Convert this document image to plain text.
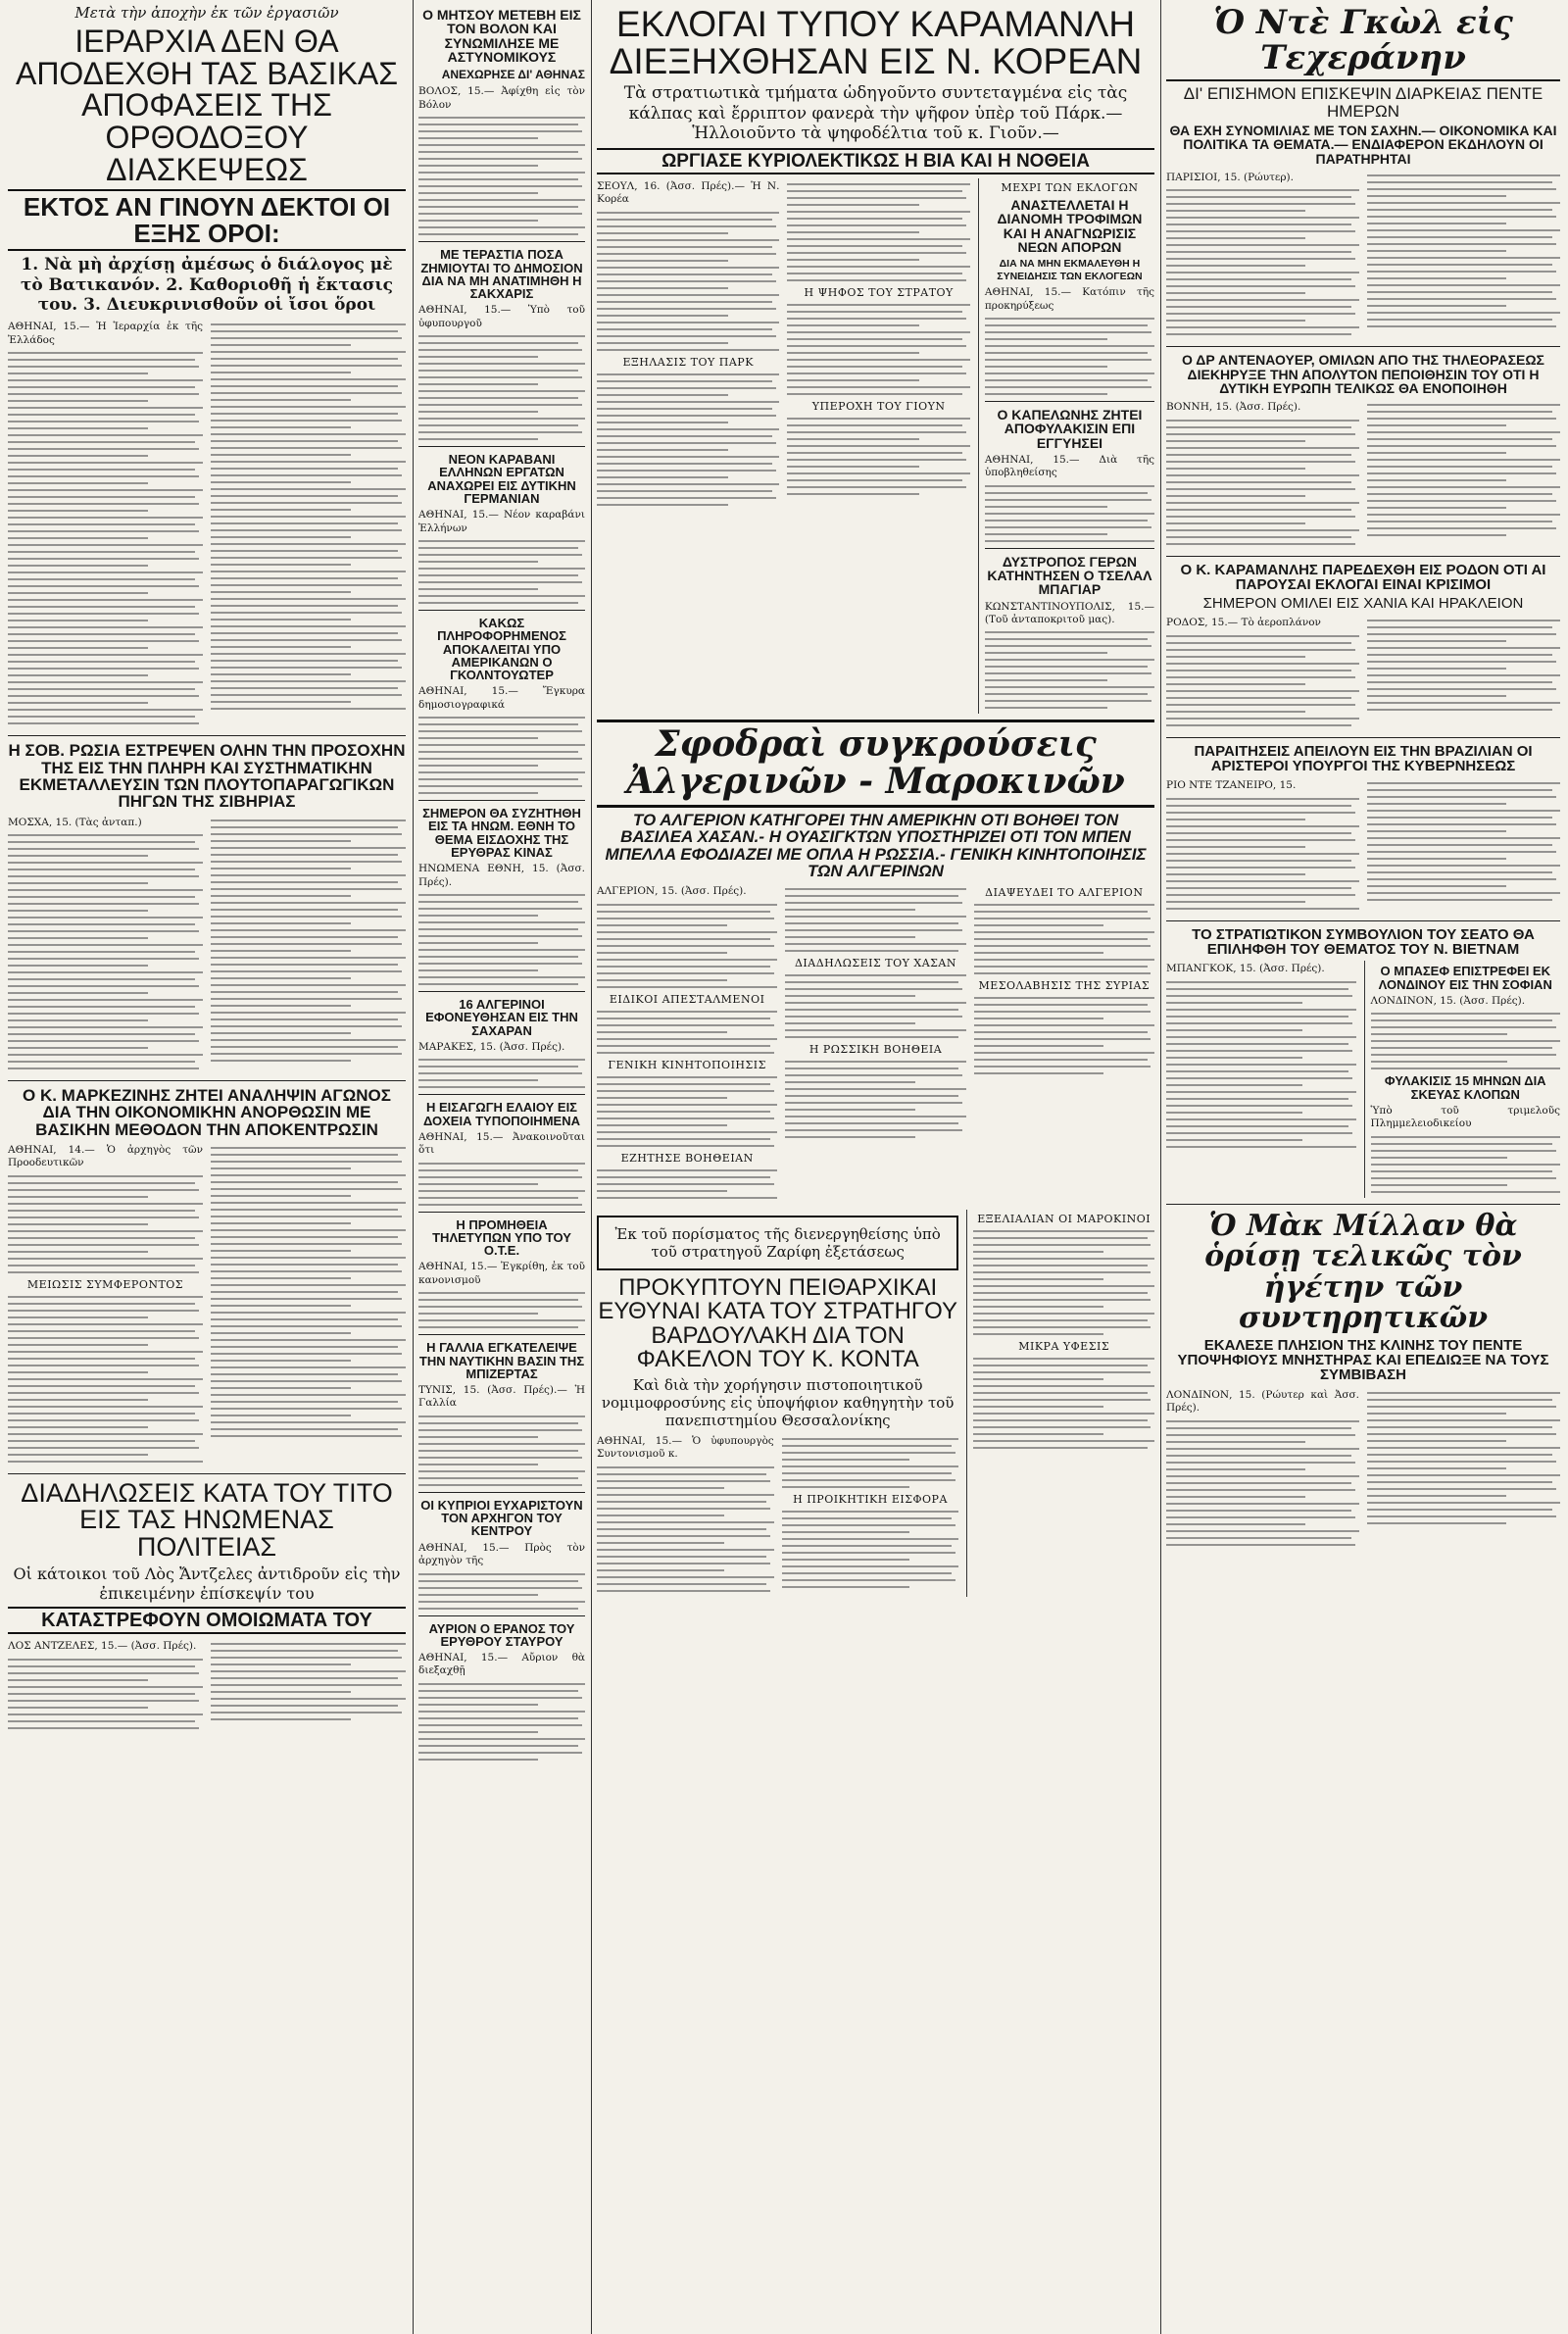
Μετὰ τὴν ἀποχὴν ἐκ τῶν ἐργασιῶν
ΙΕΡΑΡΧΙΑ ΔΕΝ ΘΑ ΑΠΟΔΕΧΘΗ ΤΑΣ ΒΑΣΙΚΑΣ ΑΠΟΦΑΣΕΙΣ ΤΗΣ ΟΡΘΟΔΟΞΟΥ ΔΙΑΣΚΕΨΕΩΣ
ΕΚΤΟΣ ΑΝ ΓΙΝΟΥΝ ΔΕΚΤΟΙ ΟΙ ΕΞΗΣ ΟΡΟΙ:
1. Νὰ μὴ ἀρχίσῃ ἀμέσως ὁ διάλογος μὲ τὸ Βατικανόν. 2. Καθοριοθῆ ἡ ἔκτασις του. 3. Διευκρινισθοῦν οἱ ἴσοι ὅροι

ΑΘΗΝΑΙ, 15.— Ἡ Ἱεραρχία ἐκ τῆς Ἐλλάδος

Η ΣΟΒ. ΡΩΣΙΑ ΕΣΤΡΕΨΕΝ ΟΛΗΝ ΤΗΝ ΠΡΟΣΟΧΗΝ ΤΗΣ ΕΙΣ ΤΗΝ ΠΛΗΡΗ ΚΑΙ ΣΥΣΤΗΜΑΤΙΚΗΝ ΕΚΜΕΤΑΛΛΕΥΣΙΝ ΤΩΝ ΠΛΟΥΤΟΠΑΡΑΓΩΓΙΚΩΝ ΠΗΓΩΝ ΤΗΣ ΣΙΒΗΡΙΑΣ

ΜΟΣΧΑ, 15. (Τὰς ἀνταπ.)

Ο Κ. ΜΑΡΚΕΖΙΝΗΣ ΖΗΤΕΙ ΑΝΑΛΗΨΙΝ ΑΓΩΝΟΣ ΔΙΑ ΤΗΝ ΟΙΚΟΝΟΜΙΚΗΝ ΑΝΟΡΘΩΣΙΝ ΜΕ ΒΑΣΙΚΗΝ ΜΕΘΟΔΟΝ ΤΗΝ ΑΠΟΚΕΝΤΡΩΣΙΝ

ΑΘΗΝΑΙ, 14.— Ὁ ἀρχηγὸς τῶν Προοδευτικῶν

ΜΕΙΩΣΙΣ ΣΥΜΦΕΡΟΝΤΟΣ
ΔΙΑΔΗΛΩΣΕΙΣ ΚΑΤΑ ΤΟΥ ΤΙΤΟ ΕΙΣ ΤΑΣ ΗΝΩΜΕΝΑΣ ΠΟΛΙΤΕΙΑΣ
Οἱ κάτοικοι τοῦ Λὸς Ἄντζελες ἀντιδροῦν εἰς τὴν ἐπικειμένην ἐπίσκεψίν του
ΚΑΤΑΣΤΡΕΦΟΥΝ ΟΜΟΙΩΜΑΤΑ ΤΟΥ

ΛΟΣ ΑΝΤΖΕΛΕΣ, 15.— (Ἀσσ. Πρές).

Ο ΜΗΤΣΟΥ ΜΕΤΕΒΗ ΕΙΣ ΤΟΝ ΒΟΛΟΝ ΚΑΙ ΣΥΝΩΜΙΛΗΣΕ ΜΕ ΑΣΤΥΝΟΜΙΚΟΥΣ
ΑΝΕΧΩΡΗΣΕ ΔΙ' ΑΘΗΝΑΣ

ΒΟΛΟΣ, 15.— Ἀφίχθη εἰς τὸν Βόλον

ΜΕ ΤΕΡΑΣΤΙΑ ΠΟΣΑ ΖΗΜΙΟΥΤΑΙ ΤΟ ΔΗΜΟΣΙΟΝ ΔΙΑ ΝΑ ΜΗ ΑΝΑΤΙΜΗΘΗ Η ΣΑΚΧΑΡΙΣ

ΑΘΗΝΑΙ, 15.— Ὑπὸ τοῦ ὑφυπουργοῦ

ΝΕΟΝ ΚΑΡΑΒΑΝΙ ΕΛΛΗΝΩΝ ΕΡΓΑΤΩΝ ΑΝΑΧΩΡΕΙ ΕΙΣ ΔΥΤΙΚΗΝ ΓΕΡΜΑΝΙΑΝ

ΑΘΗΝΑΙ, 15.— Νέον καραβάνι Ἑλλήνων

ΚΑΚΩΣ ΠΛΗΡΟΦΟΡΗΜΕΝΟΣ ΑΠΟΚΑΛΕΙΤΑΙ ΥΠΟ ΑΜΕΡΙΚΑΝΩΝ Ο ΓΚΟΛΝΤΟΥΩΤΕΡ

ΑΘΗΝΑΙ, 15.— Ἔγκυρα δημοσιογραφικά

ΣΗΜΕΡΟΝ ΘΑ ΣΥΖΗΤΗΘΗ ΕΙΣ ΤΑ ΗΝΩΜ. ΕΘΝΗ ΤΟ ΘΕΜΑ ΕΙΣΔΟΧΗΣ ΤΗΣ ΕΡΥΘΡΑΣ ΚΙΝΑΣ

ΗΝΩΜΕΝΑ ΕΘΝΗ, 15. (Ἀσσ. Πρές).

16 ΑΛΓΕΡΙΝΟΙ ΕΦΟΝΕΥΘΗΣΑΝ ΕΙΣ ΤΗΝ ΣΑΧΑΡΑΝ

ΜΑΡΑΚΕΣ, 15. (Ἀσσ. Πρές).

Η ΕΙΣΑΓΩΓΗ ΕΛΑΙΟΥ ΕΙΣ ΔΟΧΕΙΑ ΤΥΠΟΠΟΙΗΜΕΝΑ

ΑΘΗΝΑΙ, 15.— Ἀνακοινοῦται ὅτι

Η ΠΡΟΜΗΘΕΙΑ ΤΗΛΕΤΥΠΩΝ ΥΠΟ ΤΟΥ Ο.Τ.Ε.

ΑΘΗΝΑΙ, 15.— Ἐγκρίθη, ἐκ τοῦ κανονισμοῦ

Η ΓΑΛΛΙΑ ΕΓΚΑΤΕΛΕΙΨΕ ΤΗΝ ΝΑΥΤΙΚΗΝ ΒΑΣΙΝ ΤΗΣ ΜΠΙΖΕΡΤΑΣ

ΤΥΝΙΣ, 15. (Ἀσσ. Πρές).— Ἡ Γαλλία

ΟΙ ΚΥΠΡΙΟΙ ΕΥΧΑΡΙΣΤΟΥΝ ΤΟΝ ΑΡΧΗΓΟΝ ΤΟΥ ΚΕΝΤΡΟΥ

ΑΘΗΝΑΙ, 15.— Πρὸς τὸν ἀρχηγὸν τῆς

ΑΥΡΙΟΝ Ο ΕΡΑΝΟΣ ΤΟΥ ΕΡΥΘΡΟΥ ΣΤΑΥΡΟΥ

ΑΘΗΝΑΙ, 15.— Αὔριον θὰ διεξαχθῇ

ΕΚΛΟΓΑΙ ΤΥΠΟΥ ΚΑΡΑΜΑΝΛΗ ΔΙΕΞΗΧΘΗΣΑΝ ΕΙΣ Ν. ΚΟΡΕΑΝ
Τὰ στρατιωτικὰ τμήματα ὡδηγοῦντο συντεταγμένα εἰς τὰς κάλπας καὶ ἔρριπτον φανερὰ τὴν ψῆφον ὑπὲρ τοῦ Πάρκ.— Ἡλλοιοῦντο τὰ ψηφοδέλτια τοῦ κ. Γιοῦν.—
ΩΡΓΙΑΣΕ ΚΥΡΙΟΛΕΚΤΙΚΩΣ Η ΒΙΑ ΚΑΙ Η ΝΟΘΕΙΑ

ΣΕΟΥΛ, 16. (Ἀσσ. Πρές).— Ἡ Ν. Κορέα

ΕΞΗΛΑΣΙΣ ΤΟΥ ΠΑΡΚ
Η ΨΗΦΟΣ ΤΟΥ ΣΤΡΑΤΟΥ
ΥΠΕΡΟΧΗ ΤΟΥ ΓΙΟΥΝ
ΜΕΧΡΙ ΤΩΝ ΕΚΛΟΓΩΝ
ΑΝΑΣΤΕΛΛΕΤΑΙ Η ΔΙΑΝΟΜΗ ΤΡΟΦΙΜΩΝ ΚΑΙ Η ΑΝΑΓΝΩΡΙΣΙΣ ΝΕΩΝ ΑΠΟΡΩΝ
ΔΙΑ ΝΑ ΜΗΝ ΕΚΜΑΛΕΥΘΗ Η ΣΥΝΕΙΔΗΣΙΣ ΤΩΝ ΕΚΛΟΓΕΩΝ

ΑΘΗΝΑΙ, 15.— Κατόπιν τῆς προκηρύξεως

Ο ΚΑΠΕΛΩΝΗΣ ΖΗΤΕΙ ΑΠΟΦΥΛΑΚΙΣΙΝ ΕΠΙ ΕΓΓΥΗΣΕΙ

ΑΘΗΝΑΙ, 15.— Διὰ τῆς ὑποβληθείσης

ΔΥΣΤΡΟΠΟΣ ΓΕΡΩΝ ΚΑΤΗΝΤΗΣΕΝ Ο ΤΣΕΛΑΛ ΜΠΑΓΙΑΡ

ΚΩΝΣΤΑΝΤΙΝΟΥΠΟΛΙΣ, 15.— (Τοῦ ἀνταποκριτοῦ μας).

Σφοδραὶ συγκρούσεις Ἀλγερινῶν - Μαροκινῶν
ΤΟ ΑΛΓΕΡΙΟΝ ΚΑΤΗΓΟΡΕΙ ΤΗΝ ΑΜΕΡΙΚΗΝ ΟΤΙ ΒΟΗΘΕΙ ΤΟΝ ΒΑΣΙΛΕΑ ΧΑΣΑΝ.- Η ΟΥΑΣΙΓΚΤΩΝ ΥΠΟΣΤΗΡΙΖΕΙ ΟΤΙ ΤΟΝ ΜΠΕΝ ΜΠΕΛΛΑ ΕΦΟΔΙΑΖΕΙ ΜΕ ΟΠΛΑ Η ΡΩΣΣΙΑ.- ΓΕΝΙΚΗ ΚΙΝΗΤΟΠΟΙΗΣΙΣ ΤΩΝ ΑΛΓΕΡΙΝΩΝ

ΑΛΓΕΡΙΟΝ, 15. (Ἀσσ. Πρές).

ΕΙΔΙΚΟΙ ΑΠΕΣΤΑΛΜΕΝΟΙ
ΓΕΝΙΚΗ ΚΙΝΗΤΟΠΟΙΗΣΙΣ
ΕΖΗΤΗΣΕ ΒΟΗΘΕΙΑΝ
ΔΙΑΔΗΛΩΣΕΙΣ ΤΟΥ ΧΑΣΑΝ
Η ΡΩΣΣΙΚΗ ΒΟΗΘΕΙΑ
ΔΙΑΨΕΥΔΕΙ ΤΟ ΑΛΓΕΡΙΟΝ
ΜΕΣΟΛΑΒΗΣΙΣ ΤΗΣ ΣΥΡΙΑΣ
Ἐκ τοῦ πορίσματος τῆς διενεργηθείσης ὑπὸ τοῦ στρατηγοῦ Ζαρίφη ἐξετάσεως
ΠΡΟΚΥΠΤΟΥΝ ΠΕΙΘΑΡΧΙΚΑΙ ΕΥΘΥΝΑΙ ΚΑΤΑ ΤΟΥ ΣΤΡΑΤΗΓΟΥ ΒΑΡΔΟΥΛΑΚΗ ΔΙΑ ΤΟΝ ΦΑΚΕΛΟΝ ΤΟΥ Κ. ΚΟΝΤΑ
Καὶ διὰ τὴν χορήγησιν πιστοποιητικοῦ νομιμοφροσύνης εἰς ὑποψήφιον καθηγητὴν τοῦ πανεπιστημίου Θεσσαλονίκης

ΑΘΗΝΑΙ, 15.— Ὁ ὑφυπουργὸς Συντονισμοῦ κ.

Η ΠΡΟΙΚΗΤΙΚΗ ΕΙΣΦΟΡΑ
ΕΞΕΛΙΑΛΙΑΝ ΟΙ ΜΑΡΟΚΙΝΟΙ
ΜΙΚΡΑ ΥΦΕΣΙΣ
Ὁ Ντὲ Γκὼλ εἰς Τεχεράνην
ΔΙ' ΕΠΙΣΗΜΟΝ ΕΠΙΣΚΕΨΙΝ ΔΙΑΡΚΕΙΑΣ ΠΕΝΤΕ ΗΜΕΡΩΝ
ΘΑ ΕΧΗ ΣΥΝΟΜΙΛΙΑΣ ΜΕ ΤΟΝ ΣΑΧΗΝ.— ΟΙΚΟΝΟΜΙΚΑ ΚΑΙ ΠΟΛΙΤΙΚΑ ΤΑ ΘΕΜΑΤΑ.— ΕΝΔΙΑΦΕΡΟΝ ΕΚΔΗΛΟΥΝ ΟΙ ΠΑΡΑΤΗΡΗΤΑΙ

ΠΑΡΙΣΙΟΙ, 15. (Ρώυτερ).

Ο ΔΡ ΑΝΤΕΝΑΟΥΕΡ, ΟΜΙΛΩΝ ΑΠΟ ΤΗΣ ΤΗΛΕΟΡΑΣΕΩΣ ΔΙΕΚΗΡΥΞΕ ΤΗΝ ΑΠΟΛΥΤΟΝ ΠΕΠΟΙΘΗΣΙΝ ΤΟΥ ΟΤΙ Η ΔΥΤΙΚΗ ΕΥΡΩΠΗ ΤΕΛΙΚΩΣ ΘΑ ΕΝΟΠΟΙΗΘΗ

ΒΟΝΝΗ, 15. (Ἀσσ. Πρές).

Ο Κ. ΚΑΡΑΜΑΝΛΗΣ ΠΑΡΕΔΕΧΘΗ ΕΙΣ ΡΟΔΟΝ ΟΤΙ ΑΙ ΠΑΡΟΥΣΑΙ ΕΚΛΟΓΑΙ ΕΙΝΑΙ ΚΡΙΣΙΜΟΙ
ΣΗΜΕΡΟΝ ΟΜΙΛΕΙ ΕΙΣ ΧΑΝΙΑ ΚΑΙ ΗΡΑΚΛΕΙΟΝ

ΡΟΔΟΣ, 15.— Τὸ ἀεροπλάνον

ΠΑΡΑΙΤΗΣΕΙΣ ΑΠΕΙΛΟΥΝ ΕΙΣ ΤΗΝ ΒΡΑΖΙΛΙΑΝ ΟΙ ΑΡΙΣΤΕΡΟΙ ΥΠΟΥΡΓΟΙ ΤΗΣ ΚΥΒΕΡΝΗΣΕΩΣ

ΡΙΟ ΝΤΕ ΤΖΑΝΕΙΡΟ, 15.

ΤΟ ΣΤΡΑΤΙΩΤΙΚΟΝ ΣΥΜΒΟΥΛΙΟΝ ΤΟΥ ΣΕΑΤΟ ΘΑ ΕΠΙΛΗΦΘΗ ΤΟΥ ΘΕΜΑΤΟΣ ΤΟΥ Ν. ΒΙΕΤΝΑΜ

ΜΠΑΝΓΚΟΚ, 15. (Ἀσσ. Πρές).	Ο ΜΠΑΣΕΦ ΕΠΙΣΤΡΕΦΕΙ ΕΚ ΛΟΝΔΙΝΟΥ ΕΙΣ ΤΗΝ ΣΟΦΙΑΝ

ΛΟΝΔΙΝΟΝ, 15. (Ἀσσ. Πρές).

ΦΥΛΑΚΙΣΙΣ 15 ΜΗΝΩΝ ΔΙΑ ΣΚΕΥΑΣ ΚΛΟΠΩΝ

Ὑπὸ τοῦ τριμελοῦς Πλημμελειοδικείου

Ὁ Μὰκ Μίλλαν θὰ ὁρίσῃ τελικῶς τὸν ἡγέτην τῶν συντηρητικῶν
ΕΚΑΛΕΣΕ ΠΛΗΣΙΟΝ ΤΗΣ ΚΛΙΝΗΣ ΤΟΥ ΠΕΝΤΕ ΥΠΟΨΗΦΙΟΥΣ ΜΝΗΣΤΗΡΑΣ ΚΑΙ ΕΠΕΔΙΩΞΕ ΝΑ ΤΟΥΣ ΣΥΜΒΙΒΑΣΗ

ΛΟΝΔΙΝΟΝ, 15. (Ρώυτερ καὶ Ἀσσ. Πρές).
